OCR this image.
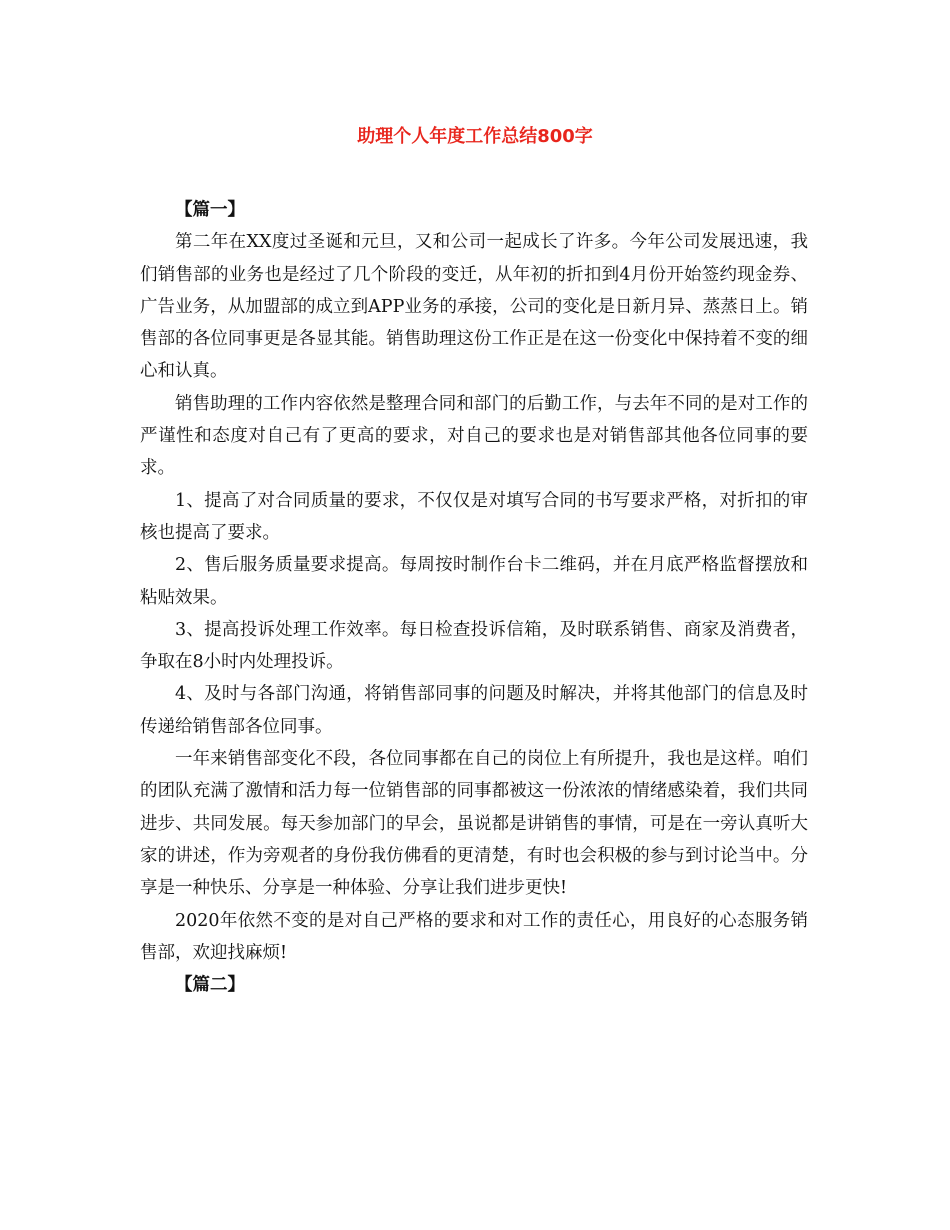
助理个人年度工作总结800字

【篇一】

第二年在XX度过圣诞和元旦，又和公司一起成长了许多。今年公司发展迅速，我们销售部的业务也是经过了几个阶段的变迁，从年初的折扣到4月份开始签约现金券、广告业务，从加盟部的成立到APP业务的承接，公司的变化是日新月异、蒸蒸日上。销售部的各位同事更是各显其能。销售助理这份工作正是在这一份变化中保持着不变的细心和认真。

销售助理的工作内容依然是整理合同和部门的后勤工作，与去年不同的是对工作的严谨性和态度对自己有了更高的要求，对自己的要求也是对销售部其他各位同事的要求。

1、提高了对合同质量的要求，不仅仅是对填写合同的书写要求严格，对折扣的审核也提高了要求。

2、售后服务质量要求提高。每周按时制作台卡二维码，并在月底严格监督摆放和粘贴效果。

3、提高投诉处理工作效率。每日检查投诉信箱，及时联系销售、商家及消费者，争取在8小时内处理投诉。

4、及时与各部门沟通，将销售部同事的问题及时解决，并将其他部门的信息及时传递给销售部各位同事。

一年来销售部变化不段，各位同事都在自己的岗位上有所提升，我也是这样。咱们的团队充满了激情和活力每一位销售部的同事都被这一份浓浓的情绪感染着，我们共同进步、共同发展。每天参加部门的早会，虽说都是讲销售的事情，可是在一旁认真听大家的讲述，作为旁观者的身份我仿佛看的更清楚，有时也会积极的参与到讨论当中。分享是一种快乐、分享是一种体验、分享让我们进步更快!

2020年依然不变的是对自己严格的要求和对工作的责任心，用良好的心态服务销售部，欢迎找麻烦!

【篇二】
